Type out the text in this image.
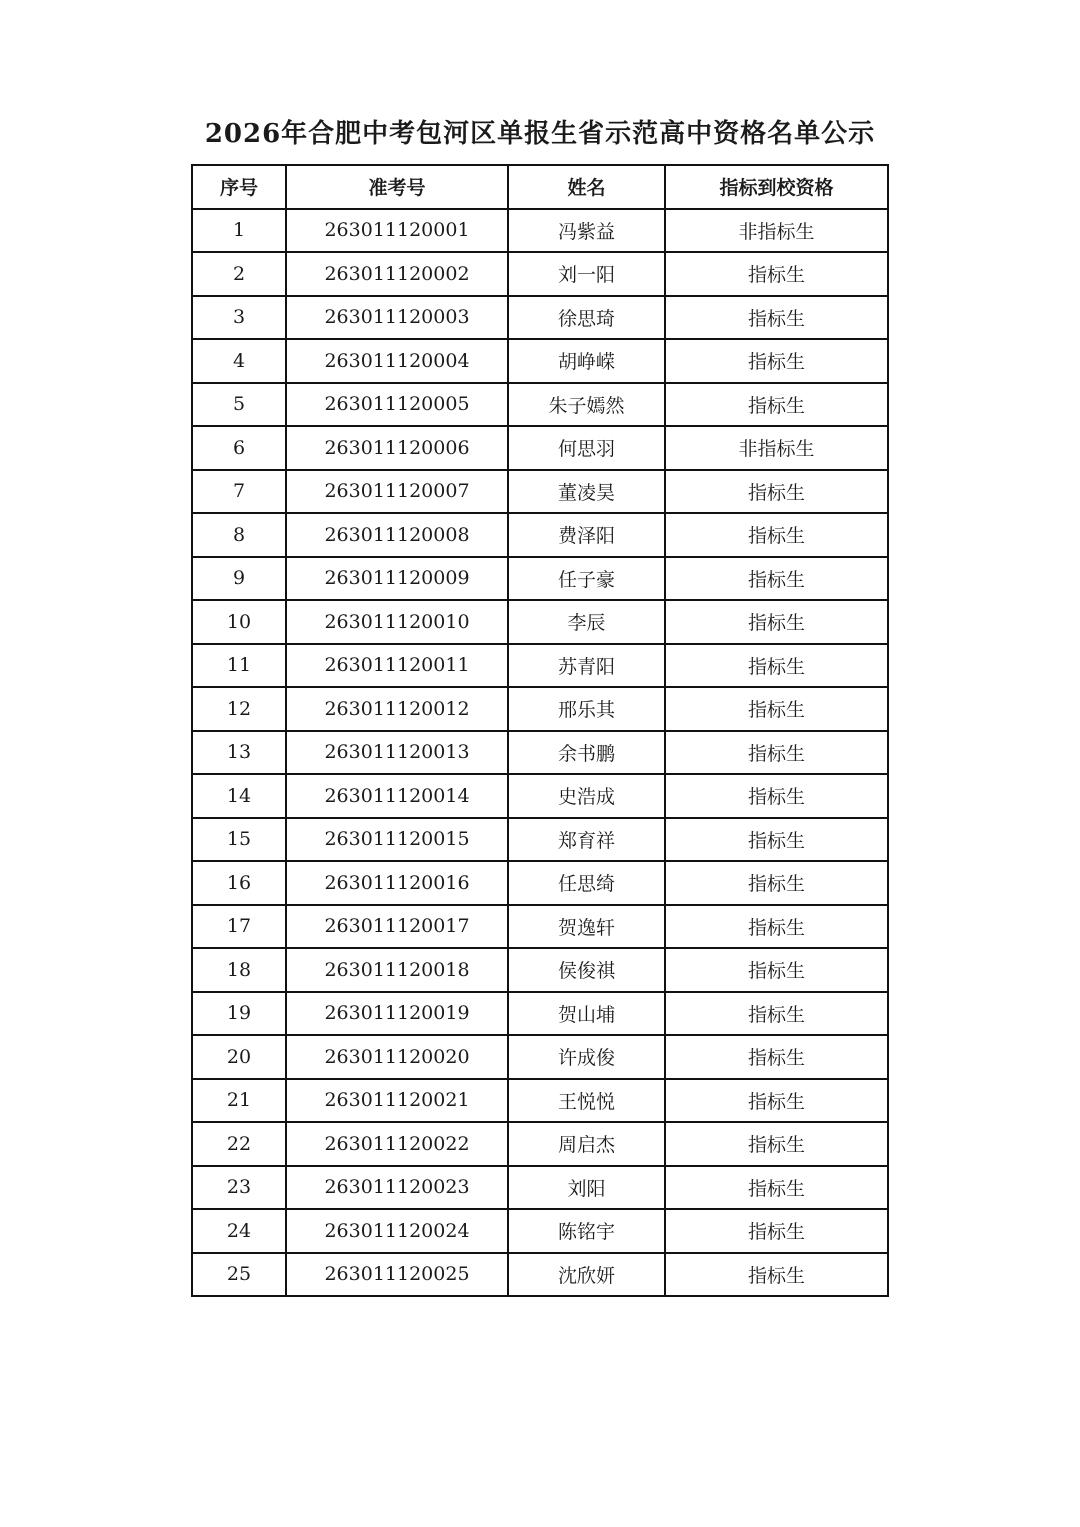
2026年合肥中考包河区单报生省示范高中资格名单公示
序号	准考号	姓名	指标到校资格
1	263011120001	冯紫益	非指标生
2	263011120002	刘一阳	指标生
3	263011120003	徐思琦	指标生
4	263011120004	胡峥嵘	指标生
5	263011120005	朱子嫣然	指标生
6	263011120006	何思羽	非指标生
7	263011120007	董凌昊	指标生
8	263011120008	费泽阳	指标生
9	263011120009	任子豪	指标生
10	263011120010	李辰	指标生
11	263011120011	苏青阳	指标生
12	263011120012	邢乐其	指标生
13	263011120013	余书鹏	指标生
14	263011120014	史浩成	指标生
15	263011120015	郑育祥	指标生
16	263011120016	任思绮	指标生
17	263011120017	贺逸轩	指标生
18	263011120018	侯俊祺	指标生
19	263011120019	贺山埔	指标生
20	263011120020	许成俊	指标生
21	263011120021	王悦悦	指标生
22	263011120022	周启杰	指标生
23	263011120023	刘阳	指标生
24	263011120024	陈铭宇	指标生
25	263011120025	沈欣妍	指标生
